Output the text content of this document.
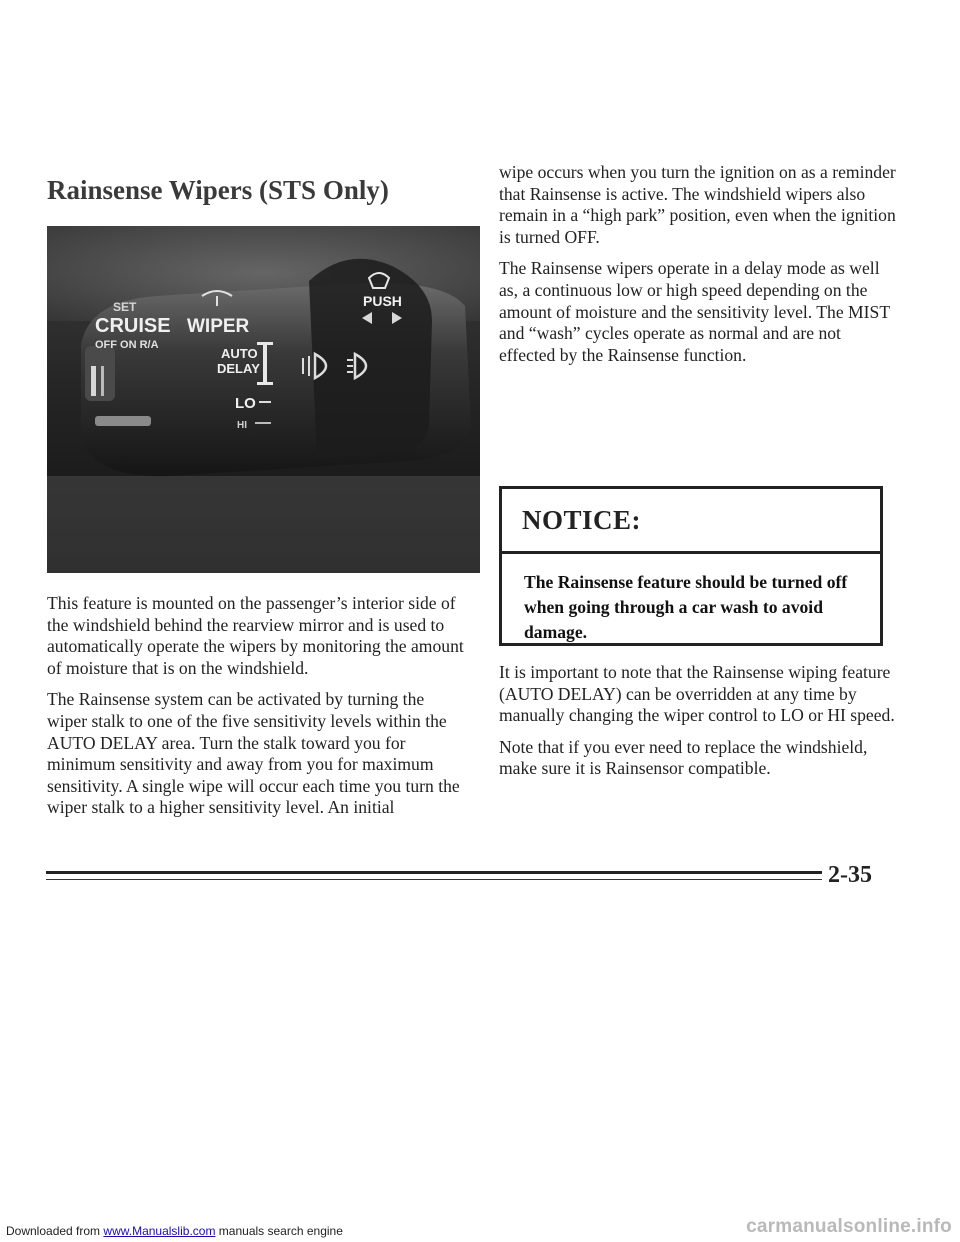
Rainsense Wipers (STS Only)
SET
CRUISE
OFF ON R/A
WIPER
PUSH
AUTO
DELAY
LO
HI

This feature is mounted on the passenger’s interior side of the windshield behind the rearview mirror and is used to automatically operate the wipers by monitoring the amount of moisture that is on the windshield.

The Rainsense system can be activated by turning the wiper stalk to one of the five sensitivity levels within the AUTO DELAY area. Turn the stalk toward you for minimum sensitivity and away from you for maximum sensitivity. A single wipe will occur each time you turn the wiper stalk to a higher sensitivity level. An initial

wipe occurs when you turn the ignition on as a reminder that Rainsense is active. The windshield wipers also remain in a “high park” position, even when the ignition is turned OFF.

The Rainsense wipers operate in a delay mode as well as, a continuous low or high speed depending on the amount of moisture and the sensitivity level. The MIST and “wash” cycles operate as normal and are not effected by the Rainsense function.

NOTICE:
The Rainsense feature should be turned off when going through a car wash to avoid damage.

It is important to note that the Rainsense wiping feature (AUTO DELAY) can be overridden at any time by manually changing the wiper control to LO or HI speed.

Note that if you ever need to replace the windshield, make sure it is Rainsensor compatible.

2-35
Downloaded from www.Manualslib.com manuals search engine	carmanualsonline.info
